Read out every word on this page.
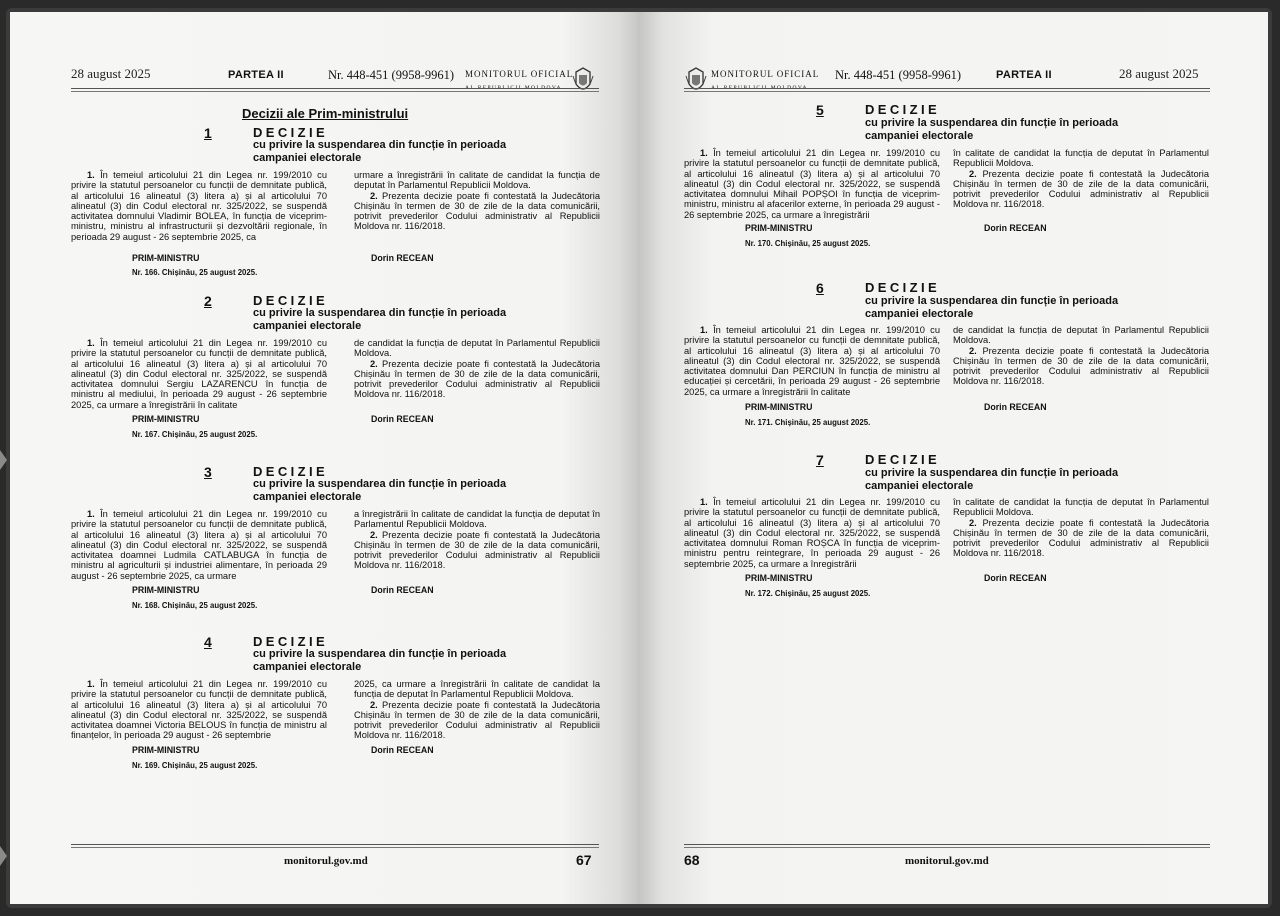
28 august 2025	PARTEA II	Nr. 448-451 (9958-9961) MONITORUL OFICIAL
AL REPUBLICII MOLDOVA
Decizii ale Prim-ministrului
1	DECIZIE
cu privire la suspendarea din funcție în perioada
campaniei electorale

1. În temeiul articolului 21 din Legea nr. 199/2010 cu privire la statutul persoanelor cu funcții de demnitate publică, al articolului 16 alineatul (3) litera a) și al articolului 70 alineatul (3) din Codul electoral nr. 325/2022, se suspendă activitatea domnului Vladimir BOLEA, în funcția de viceprim-ministru, ministru al infrastructurii și dezvoltării regionale, în perioada 29 august - 26 septembrie 2025, ca

urmare a înregistrării în calitate de candidat la funcția de deputat în Parlamentul Republicii Moldova.

2. Prezenta decizie poate fi contestată la Judecătoria Chișinău în termen de 30 de zile de la data comunicării, potrivit prevederilor Codului administrativ al Republicii Moldova nr. 116/2018.

PRIM-MINISTRU	Dorin RECEAN
Nr. 166. Chișinău, 25 august 2025.
2	DECIZIE
cu privire la suspendarea din funcție în perioada
campaniei electorale

1. În temeiul articolului 21 din Legea nr. 199/2010 cu privire la statutul persoanelor cu funcții de demnitate publică, al articolului 16 alineatul (3) litera a) și al articolului 70 alineatul (3) din Codul electoral nr. 325/2022, se suspendă activitatea domnului Sergiu LAZARENCU în funcția de ministru al mediului, în perioada 29 august - 26 septembrie 2025, ca urmare a înregistrării în calitate

de candidat la funcția de deputat în Parlamentul Republicii Moldova.

2. Prezenta decizie poate fi contestată la Judecătoria Chișinău în termen de 30 de zile de la data comunicării, potrivit prevederilor Codului administrativ al Republicii Moldova nr. 116/2018.

PRIM-MINISTRU	Dorin RECEAN
Nr. 167. Chișinău, 25 august 2025.
3	DECIZIE
cu privire la suspendarea din funcție în perioada
campaniei electorale

1. În temeiul articolului 21 din Legea nr. 199/2010 cu privire la statutul persoanelor cu funcții de demnitate publică, al articolului 16 alineatul (3) litera a) și al articolului 70 alineatul (3) din Codul electoral nr. 325/2022, se suspendă activitatea doamnei Ludmila CATLABUGA în funcția de ministru al agriculturii și industriei alimentare, în perioada 29 august - 26 septembrie 2025, ca urmare

a înregistrării în calitate de candidat la funcția de deputat în Parlamentul Republicii Moldova.

2. Prezenta decizie poate fi contestată la Judecătoria Chișinău în termen de 30 de zile de la data comunicării, potrivit prevederilor Codului administrativ al Republicii Moldova nr. 116/2018.

PRIM-MINISTRU	Dorin RECEAN
Nr. 168. Chișinău, 25 august 2025.
4	DECIZIE
cu privire la suspendarea din funcție în perioada
campaniei electorale

1. În temeiul articolului 21 din Legea nr. 199/2010 cu privire la statutul persoanelor cu funcții de demnitate publică, al articolului 16 alineatul (3) litera a) și al articolului 70 alineatul (3) din Codul electoral nr. 325/2022, se suspendă activitatea doamnei Victoria BELOUS în funcția de ministru al finanțelor, în perioada 29 august - 26 septembrie

2025, ca urmare a înregistrării în calitate de candidat la funcția de deputat în Parlamentul Republicii Moldova.

2. Prezenta decizie poate fi contestată la Judecătoria Chișinău în termen de 30 de zile de la data comunicării, potrivit prevederilor Codului administrativ al Republicii Moldova nr. 116/2018.

PRIM-MINISTRU	Dorin RECEAN
Nr. 169. Chișinău, 25 august 2025.
monitorul.gov.md	67
MONITORUL OFICIAL
AL REPUBLICII MOLDOVA
Nr. 448-451 (9958-9961)	PARTEA II	28 august 2025
5	DECIZIE
cu privire la suspendarea din funcție în perioada
campaniei electorale

1. În temeiul articolului 21 din Legea nr. 199/2010 cu privire la statutul persoanelor cu funcții de demnitate publică, al articolului 16 alineatul (3) litera a) și al articolului 70 alineatul (3) din Codul electoral nr. 325/2022, se suspendă activitatea domnului Mihail POPȘOI în funcția de viceprim-ministru, ministru al afacerilor externe, în perioada 29 august - 26 septembrie 2025, ca urmare a înregistrării

în calitate de candidat la funcția de deputat în Parlamentul Republicii Moldova.

2. Prezenta decizie poate fi contestată la Judecătoria Chișinău în termen de 30 de zile de la data comunicării, potrivit prevederilor Codului administrativ al Republicii Moldova nr. 116/2018.

PRIM-MINISTRU	Dorin RECEAN
Nr. 170. Chișinău, 25 august 2025.
6	DECIZIE
cu privire la suspendarea din funcție în perioada
campaniei electorale

1. În temeiul articolului 21 din Legea nr. 199/2010 cu privire la statutul persoanelor cu funcții de demnitate publică, al articolului 16 alineatul (3) litera a) și al articolului 70 alineatul (3) din Codul electoral nr. 325/2022, se suspendă activitatea domnului Dan PERCIUN în funcția de ministru al educației și cercetării, în perioada 29 august - 26 septembrie 2025, ca urmare a înregistrării în calitate

de candidat la funcția de deputat în Parlamentul Republicii Moldova.

2. Prezenta decizie poate fi contestată la Judecătoria Chișinău în termen de 30 de zile de la data comunicării, potrivit prevederilor Codului administrativ al Republicii Moldova nr. 116/2018.

PRIM-MINISTRU	Dorin RECEAN
Nr. 171. Chișinău, 25 august 2025.
7	DECIZIE
cu privire la suspendarea din funcție în perioada
campaniei electorale

1. În temeiul articolului 21 din Legea nr. 199/2010 cu privire la statutul persoanelor cu funcții de demnitate publică, al articolului 16 alineatul (3) litera a) și al articolului 70 alineatul (3) din Codul electoral nr. 325/2022, se suspendă activitatea domnului Roman ROȘCA în funcția de viceprim-ministru pentru reintegrare, în perioada 29 august - 26 septembrie 2025, ca urmare a înregistrării

în calitate de candidat la funcția de deputat în Parlamentul Republicii Moldova.

2. Prezenta decizie poate fi contestată la Judecătoria Chișinău în termen de 30 de zile de la data comunicării, potrivit prevederilor Codului administrativ al Republicii Moldova nr. 116/2018.

PRIM-MINISTRU	Dorin RECEAN
Nr. 172. Chișinău, 25 august 2025.
68	monitorul.gov.md
